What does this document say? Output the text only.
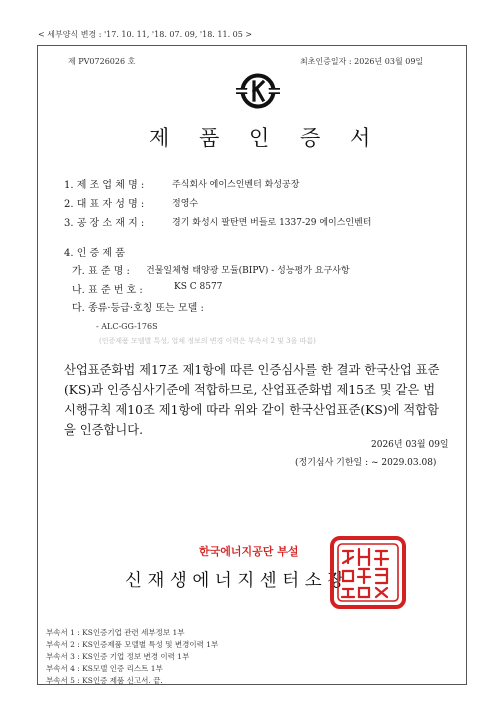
< 세부양식 변경 : '17. 10. 11, '18. 07. 09, '18. 11. 05 >
제 PV0726026 호	최초인증일자 : 2026년 03월 09일
제 품 인 증 서
1. 제 조 업 체 명 :	주식회사 에이스인벤터 화성공장
2. 대 표 자 성 명 :	정영수
3. 공 장 소 재 지 :	경기 화성시 팔탄면 버들로 1337-29 에이스인벤터
4. 인 증 제 품
가. 표 준 명 : 건물일체형 태양광 모듈(BIPV) - 성능평가 요구사항
나. 표 준 번 호 :	KS C 8577
다. 종류·등급·호칭 또는 모델 :
- ALC-GG-176S
(인증제품 모델별 특성, 업체 정보의 변경 이력은 부속서 2 및 3을 따름)
산업표준화법 제17조 제1항에 따른 인증심사를 한 결과 한국산업 표준(KS)과 인증심사기준에 적합하므로, 산업표준화법 제15조 및 같은 법 시행규칙 제10조 제1항에 따라 위와 같이 한국산업표준(KS)에 적합함을 인증합니다.
2026년 03월 09일
(정기심사 기한일 : ~ 2029.03.08)
한국에너지공단 부설
신 재 생 에 너 지 센 터 소 장
부속서 1 : KS인증기업 관련 세부정보 1부
부속서 2 : KS인증제품 모델별 특성 및 변경이력 1부
부속서 3 : KS인증 기업 정보 변경 이력 1부
부속서 4 : KS모델 인증 리스트 1부
부속서 5 : KS인증 제품 신고서. 끝.
